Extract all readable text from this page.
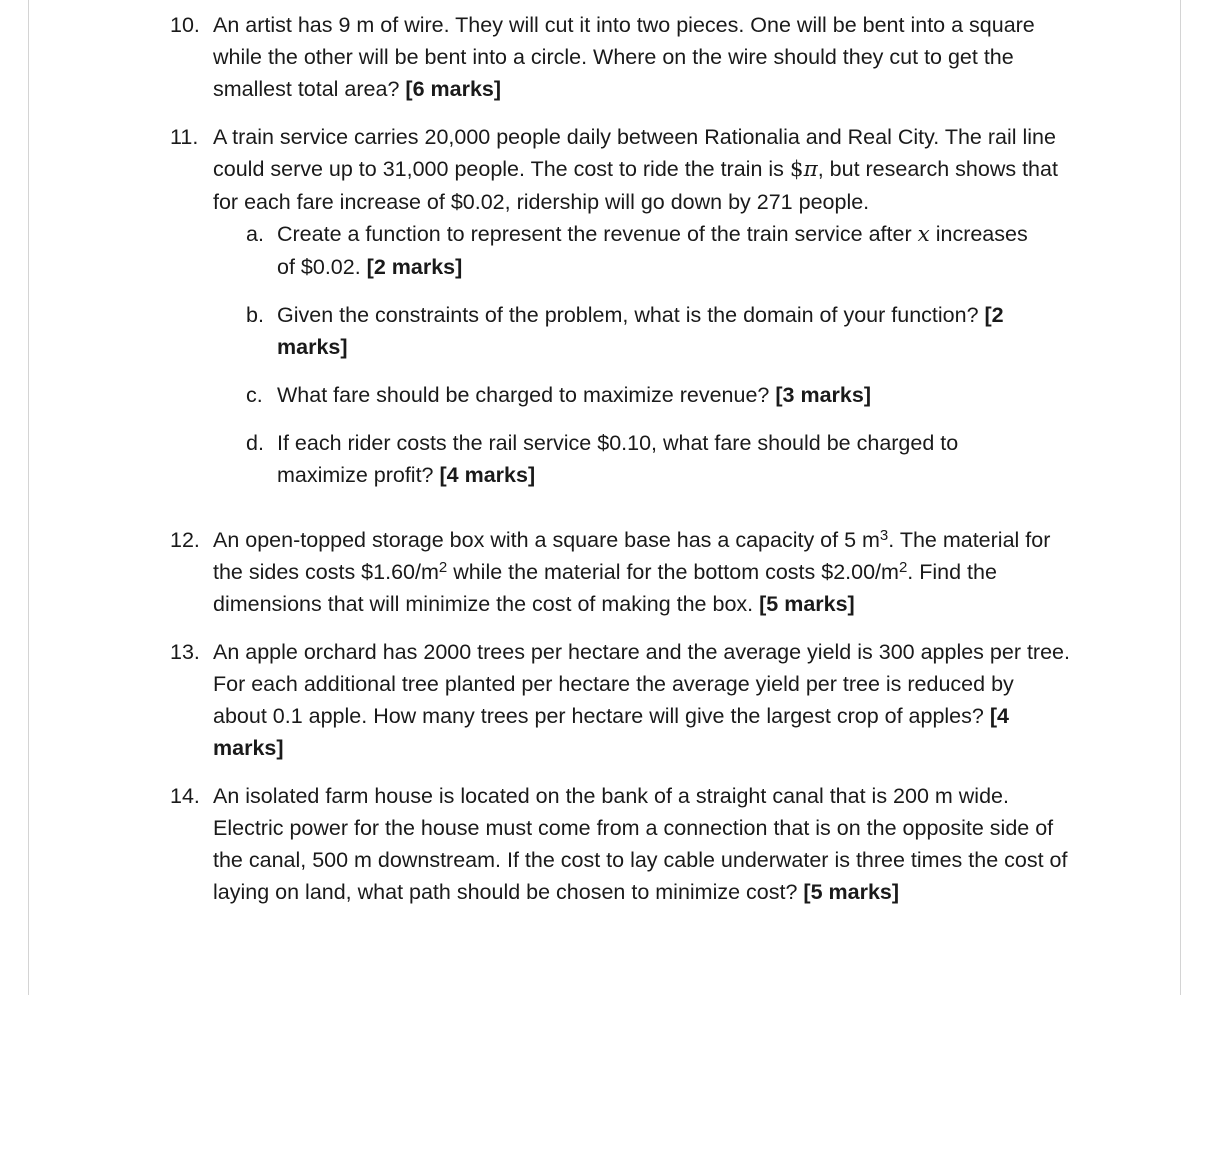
10. An artist has 9 m of wire. They will cut it into two pieces. One will be bent into a square while the other will be bent into a circle. Where on the wire should they cut to get the smallest total area? [6 marks]
11. A train service carries 20,000 people daily between Rationalia and Real City. The rail line could serve up to 31,000 people. The cost to ride the train is $π, but research shows that for each fare increase of $0.02, ridership will go down by 271 people.
a. Create a function to represent the revenue of the train service after x increases of $0.02. [2 marks]
b. Given the constraints of the problem, what is the domain of your function? [2 marks]
c. What fare should be charged to maximize revenue? [3 marks]
d. If each rider costs the rail service $0.10, what fare should be charged to maximize profit? [4 marks]
12. An open-topped storage box with a square base has a capacity of 5 $m^3$. The material for the sides costs $\$1.60/m^2$ while the material for the bottom costs $\$2.00/m^2$. Find the dimensions that will minimize the cost of making the box. [5 marks]
13. An apple orchard has 2000 trees per hectare and the average yield is 300 apples per tree. For each additional tree planted per hectare the average yield per tree is reduced by about 0.1 apple. How many trees per hectare will give the largest crop of apples? [4 marks]
14. An isolated farm house is located on the bank of a straight canal that is 200 m wide. Electric power for the house must come from a connection that is on the opposite side of the canal, 500 m downstream. If the cost to lay cable underwater is three times the cost of laying on land, what path should be chosen to minimize cost? [5 marks]
